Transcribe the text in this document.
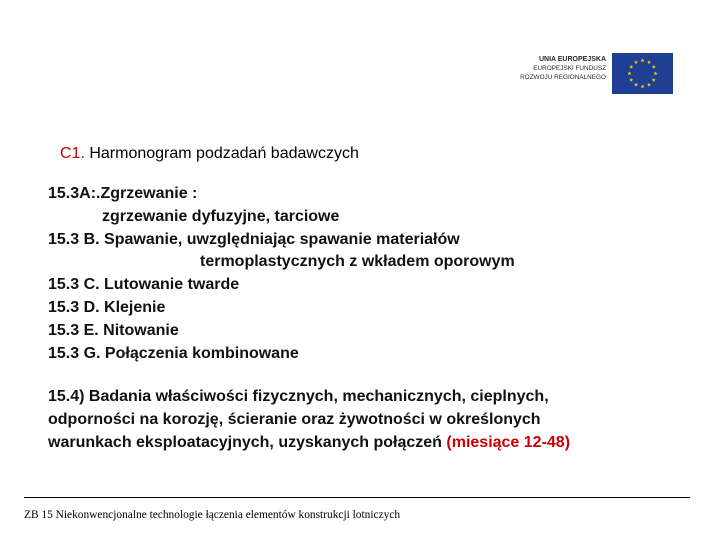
UNIA EUROPEJSKA
EUROPEJSKI FUNDUSZ
ROZWOJU REGIONALNEGO
C1. Harmonogram podzadań badawczych
15.3A:.Zgrzewanie :
zgrzewanie dyfuzyjne, tarciowe
15.3 B. Spawanie, uwzględniając spawanie materiałów
termoplastycznych z wkładem oporowym
15.3 C. Lutowanie twarde
15.3 D. Klejenie
15.3 E. Nitowanie
15.3 G. Połączenia kombinowane
15.4) Badania właściwości fizycznych, mechanicznych, cieplnych,
odporności na korozję, ścieranie oraz żywotności w określonych
warunkach eksploatacyjnych, uzyskanych połączeń (miesiące 12-48)
ZB 15 Niekonwencjonalne technologie łączenia elementów konstrukcji lotniczych
